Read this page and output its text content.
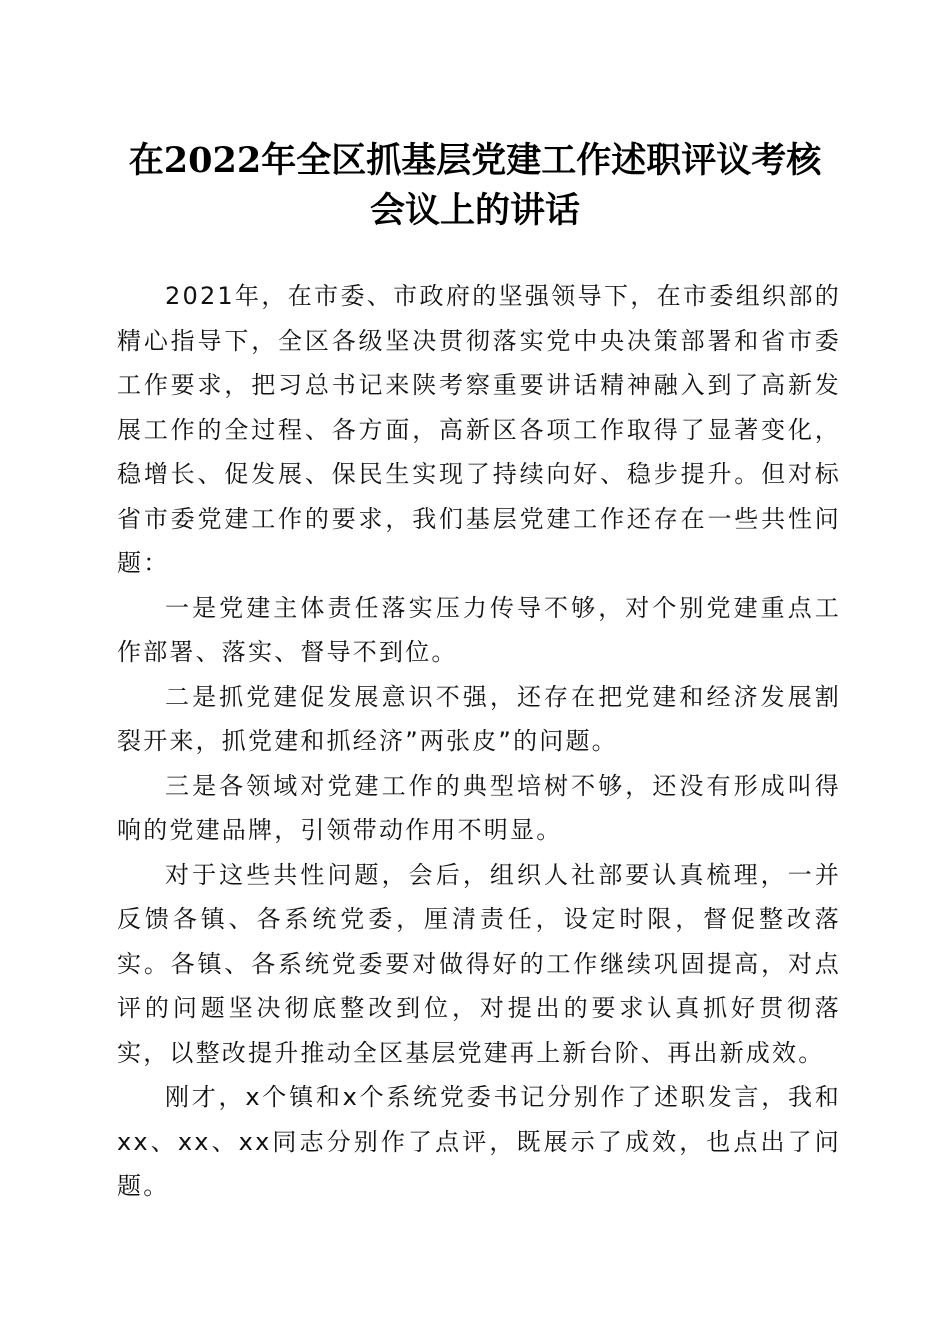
在2022年全区抓基层党建工作述职评议考核
会议上的讲话

2021年，在市委、市政府的坚强领导下，在市委组织部的精心指导下，全区各级坚决贯彻落实党中央决策部署和省市委工作要求，把习总书记来陕考察重要讲话精神融入到了高新发展工作的全过程、各方面，高新区各项工作取得了显著变化，稳增长、促发展、保民生实现了持续向好、稳步提升。但对标省市委党建工作的要求，我们基层党建工作还存在一些共性问题：

一是党建主体责任落实压力传导不够，对个别党建重点工作部署、落实、督导不到位。

二是抓党建促发展意识不强，还存在把党建和经济发展割裂开来，抓党建和抓经济”两张皮”的问题。

三是各领域对党建工作的典型培树不够，还没有形成叫得响的党建品牌，引领带动作用不明显。

对于这些共性问题，会后，组织人社部要认真梳理，一并反馈各镇、各系统党委，厘清责任，设定时限，督促整改落实。各镇、各系统党委要对做得好的工作继续巩固提高，对点评的问题坚决彻底整改到位，对提出的要求认真抓好贯彻落实，以整改提升推动全区基层党建再上新台阶、再出新成效。

刚才，x个镇和x个系统党委书记分别作了述职发言，我和xx、xx、xx同志分别作了点评，既展示了成效，也点出了问题。
